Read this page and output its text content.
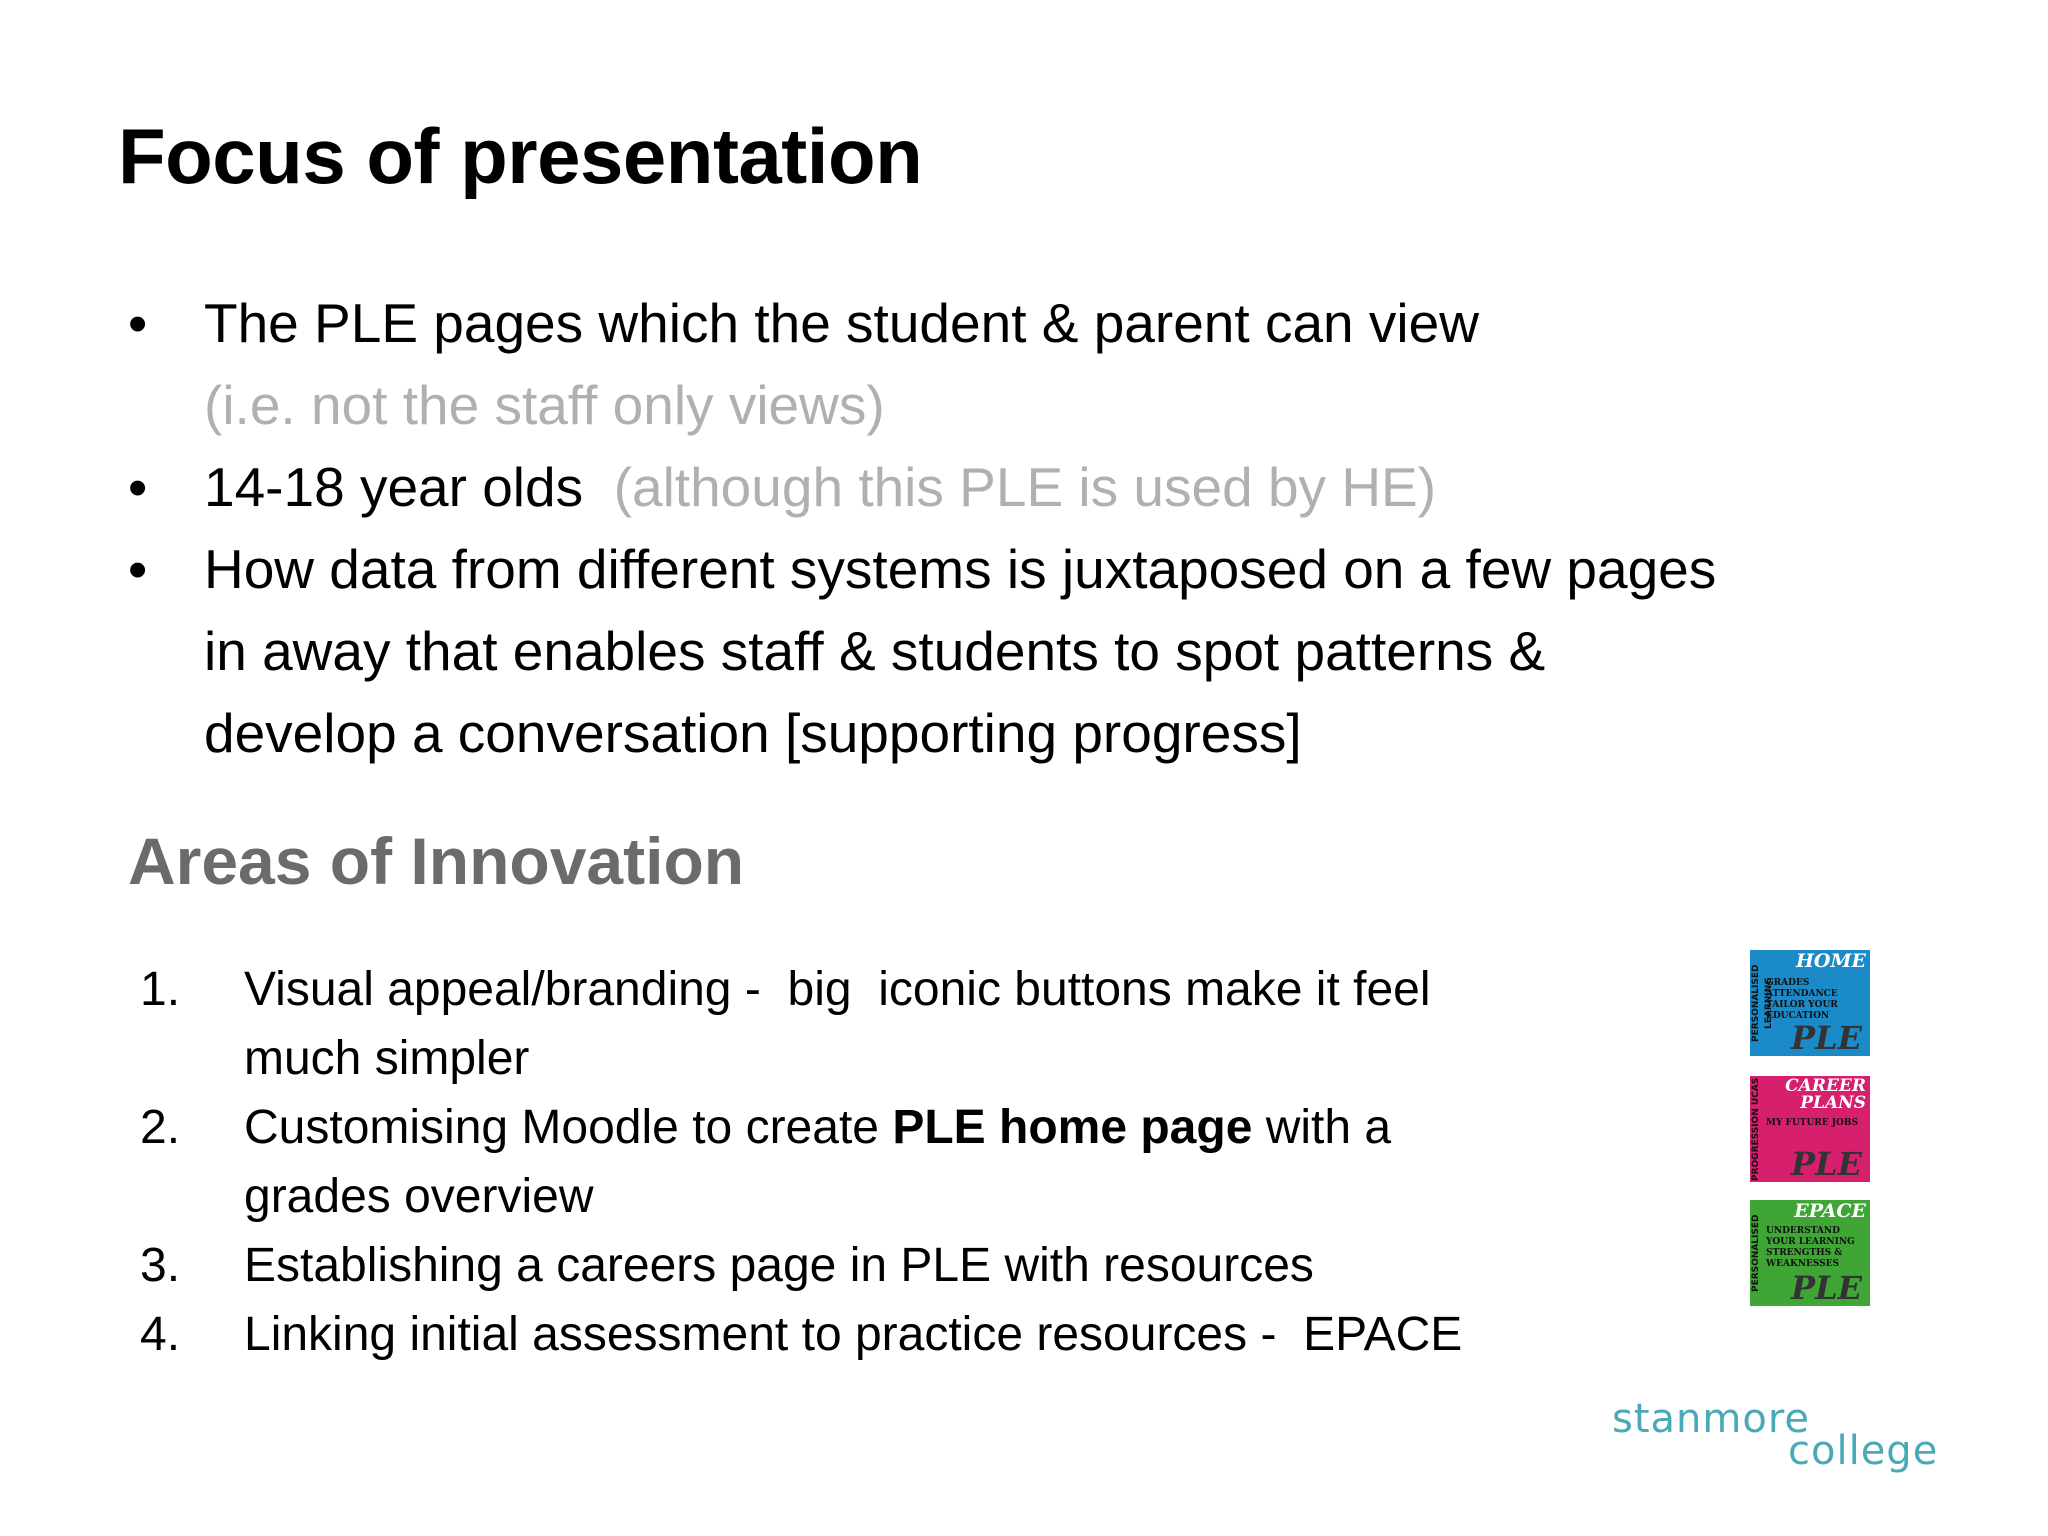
Focus of presentation
• The PLE pages which the student & parent can view
(i.e. not the staff only views)
• 14-18 year olds  (although this PLE is used by HE)
• How data from different systems is juxtaposed on a few pages
in away that enables staff & students to spot patterns &
develop a conversation [supporting progress]
Areas of Innovation
1. Visual appeal/branding -  big  iconic buttons make it feel
much simpler
2. Customising Moodle to create PLE home page with a
grades overview
3. Establishing a careers page in PLE with resources
4. Linking initial assessment to practice resources -  EPACE
PERSONALISED LEARNING
HOME
GRADES ATTENDANCE TAILOR YOUR EDUCATION
PLE
PROGRESSION UCAS	CAREER PLANS
MY FUTURE JOBS
PLE
PERSONALISED
EPACE
UNDERSTAND YOUR LEARNING STRENGTHS & WEAKNESSES
PLE
stanmore
college
